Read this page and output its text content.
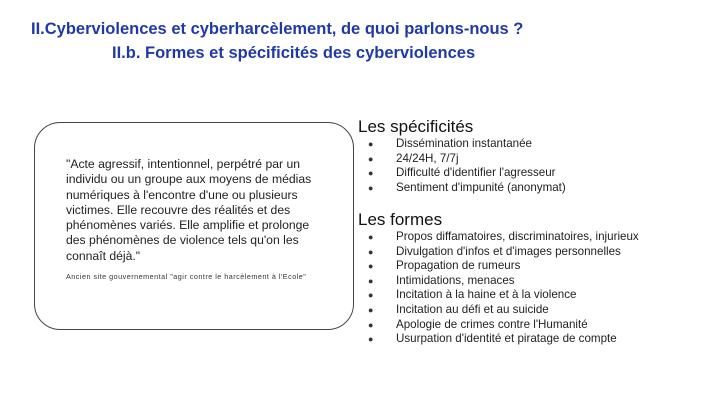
II.Cyberviolences et cyberharcèlement, de quoi parlons-nous ?
II.b. Formes et spécificités des cyberviolences
"Acte agressif, intentionnel, perpétré par un individu ou un groupe aux moyens de médias numériques à l'encontre d'une ou plusieurs victimes. Elle recouvre des réalités et des phénomènes variés. Elle amplifie et prolonge des phénomènes de violence tels qu'on les connaît déjà."
Ancien site gouvernemental "agir contre le harcèlement à l'Ecole"
Les spécificités
● Dissémination instantanée
● 24/24H, 7/7j
● Difficulté d'identifier l'agresseur
● Sentiment d'impunité (anonymat)
Les formes
● Propos diffamatoires, discriminatoires, injurieux
● Divulgation d'infos et d'images personnelles
● Propagation de rumeurs
● Intimidations, menaces
● Incitation à la haine et à la violence
● Incitation au défi et au suicide
● Apologie de crimes contre l'Humanité
● Usurpation d'identité et piratage de compte
